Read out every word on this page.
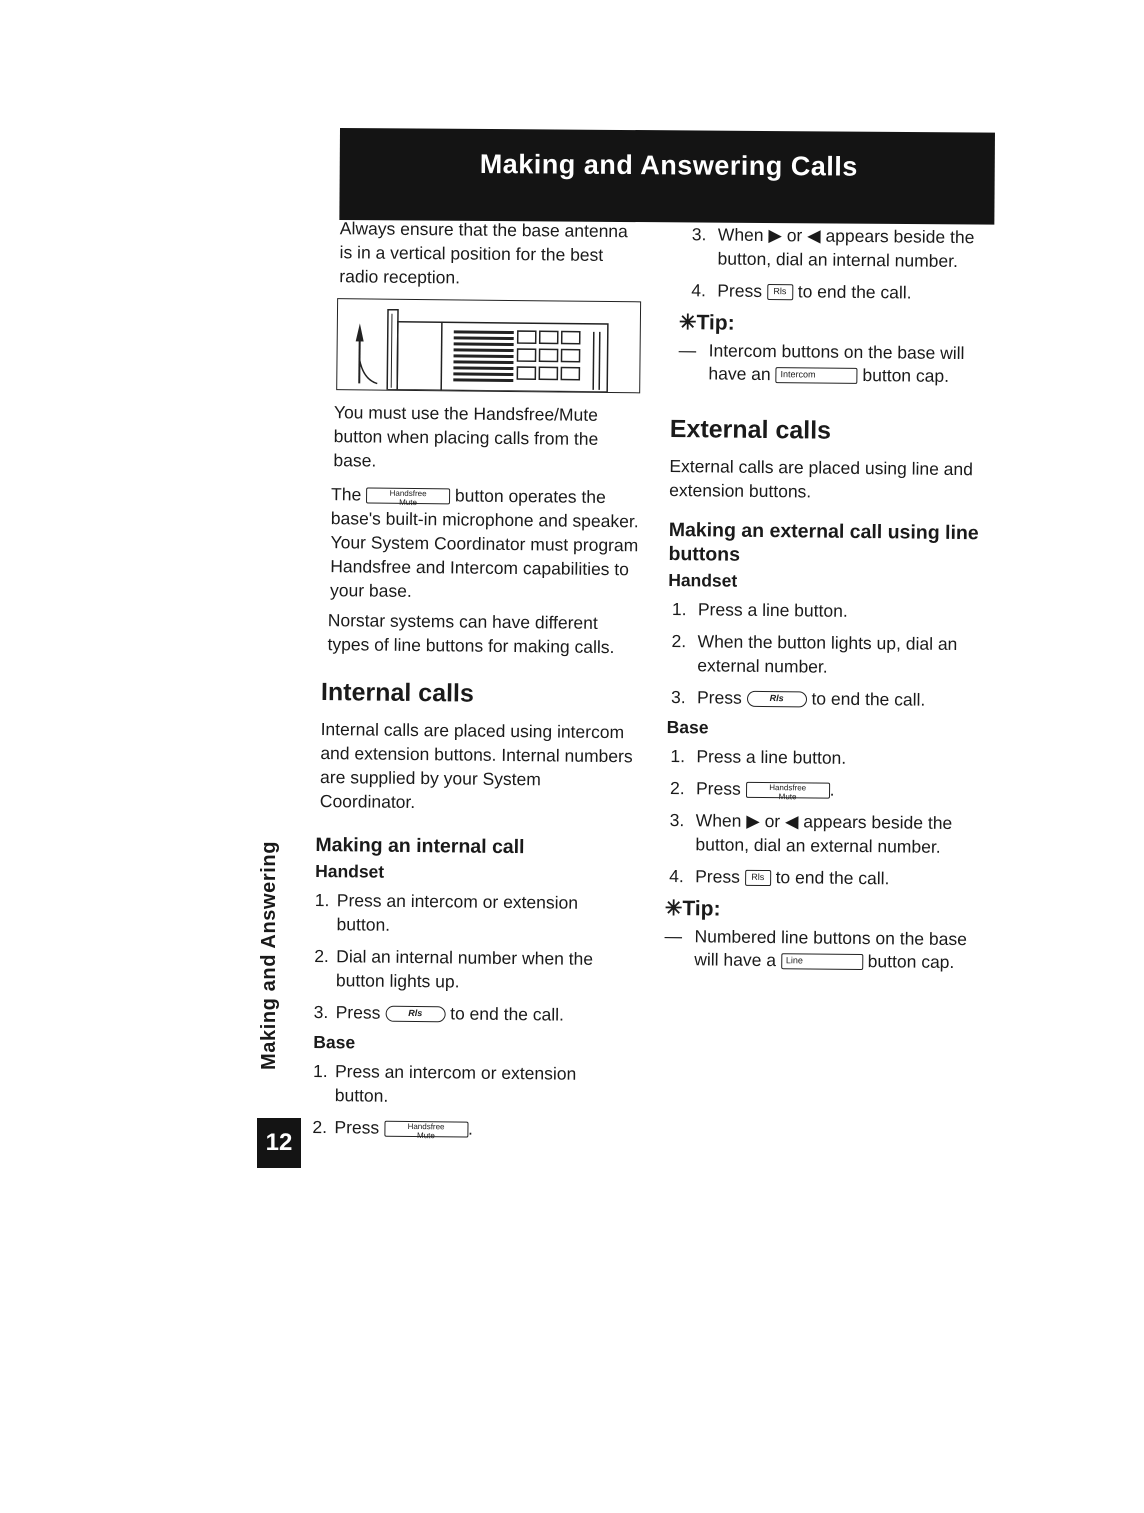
Making and Answering Calls

Always ensure that the base antenna is in a vertical position for the best radio reception.

You must use the Handsfree/Mute button when placing calls from the base.

The	Handsfree
Mute button operates the base's built-in microphone and speaker. Your System Coordinator must program Handsfree and Intercom capabilities to your base.

Norstar systems can have different types of line buttons for making calls.

Internal calls

Internal calls are placed using intercom and extension buttons. Internal numbers are supplied by your System Coordinator.

Making an internal call
Handset
1. Press an intercom or extension button.
2. Dial an internal number when the button lights up.
3. Press	Rls to end the call.
Base
1. Press an intercom or extension button.
2. Press	Handsfree
Mute .
3. When ▶ or ◀ appears beside the button, dial an internal number.
4. Press Rls to end the call.
✳Tip:
— Intercom buttons on the base will have an Intercom	button cap.
External calls

External calls are placed using line and extension buttons.

Making an external call using line buttons
Handset
1. Press a line button.
2. When the button lights up, dial an external number.
3. Press	Rls to end the call.
Base
1. Press a line button.
2. Press	Handsfree
Mute .
3. When ▶ or ◀ appears beside the button, dial an external number.
4. Press Rls to end the call.
✳Tip:
— Numbered line buttons on the base will have a Line	button cap.
Making and Answering
12
